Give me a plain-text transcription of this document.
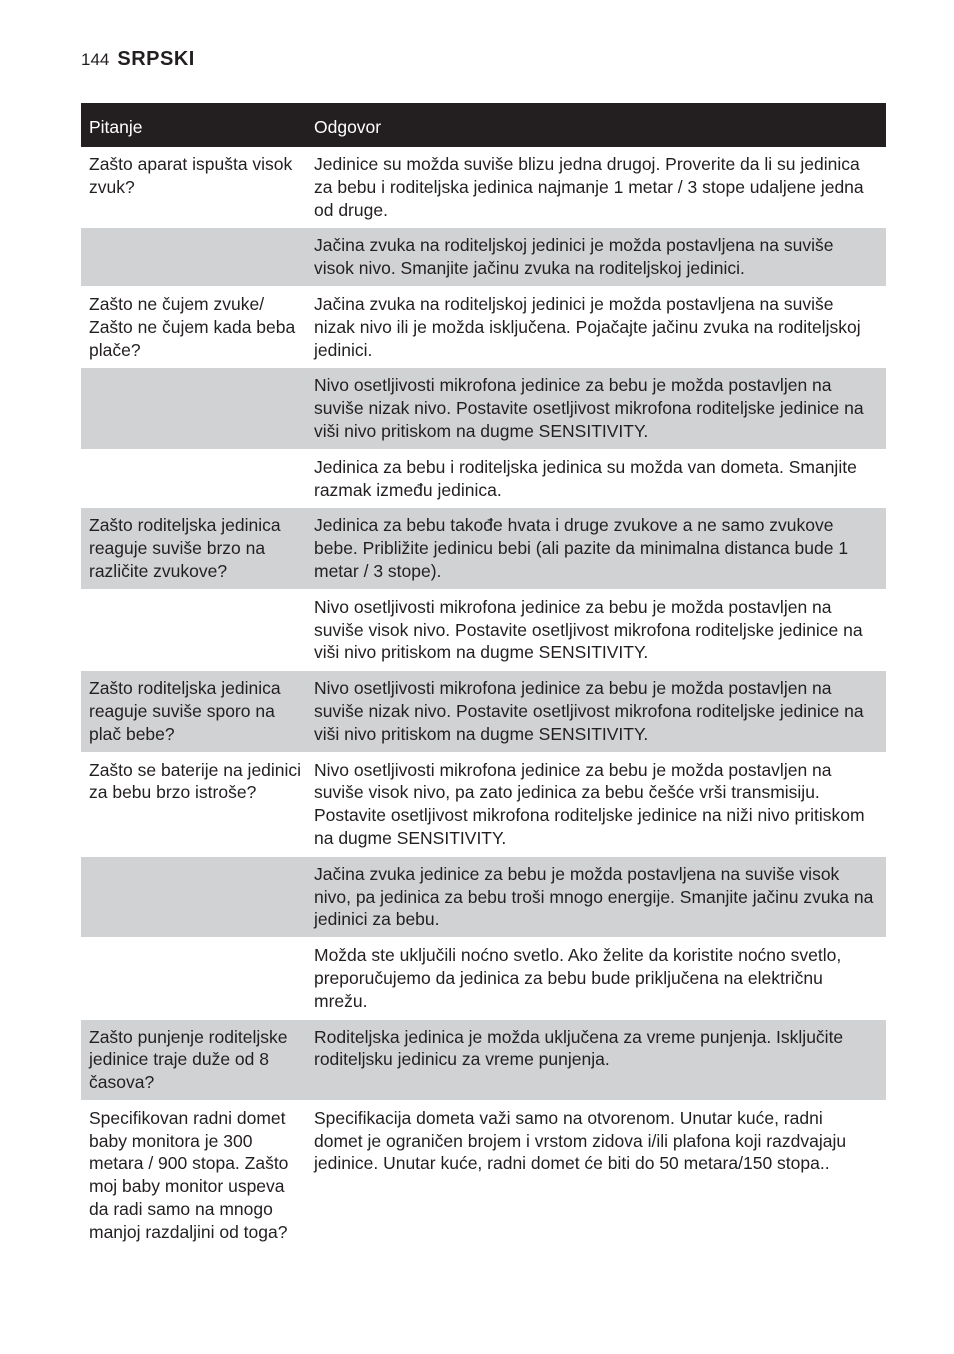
144 SRPSKI
Pitanje	Odgovor
Zašto aparat ispušta visok zvuk?	Jedinice su možda suviše blizu jedna drugoj. Proverite da li su jedinica za bebu i roditeljska jedinica najmanje 1 metar / 3 stope udaljene jedna od druge.
	Jačina zvuka na roditeljskoj jedinici je možda postavljena na suviše visok nivo. Smanjite jačinu zvuka na roditeljskoj jedinici.
Zašto ne čujem zvuke/ Zašto ne čujem kada beba plače?	Jačina zvuka na roditeljskoj jedinici je možda postavljena na suviše nizak nivo ili je možda isključena. Pojačajte jačinu zvuka na roditeljskoj jedinici.
	Nivo osetljivosti mikrofona jedinice za bebu je možda postavljen na suviše nizak nivo. Postavite osetljivost mikrofona roditeljske jedinice na viši nivo pritiskom na dugme SENSITIVITY.
	Jedinica za bebu i roditeljska jedinica su možda van dometa. Smanjite razmak između jedinica.
Zašto roditeljska jedinica reaguje suviše brzo na različite zvukove?	Jedinica za bebu takođe hvata i druge zvukove a ne samo zvukove bebe. Približite jedinicu bebi (ali pazite da minimalna distanca bude 1 metar / 3 stope).
	Nivo osetljivosti mikrofona jedinice za bebu je možda postavljen na suviše visok nivo. Postavite osetljivost mikrofona roditeljske jedinice na viši nivo pritiskom na dugme SENSITIVITY.
Zašto roditeljska jedinica reaguje suviše sporo na plač bebe?	Nivo osetljivosti mikrofona jedinice za bebu je možda postavljen na suviše nizak nivo. Postavite osetljivost mikrofona roditeljske jedinice na viši nivo pritiskom na dugme SENSITIVITY.
Zašto se baterije na jedinici za bebu brzo istroše?	Nivo osetljivosti mikrofona jedinice za bebu je možda postavljen na suviše visok nivo, pa zato jedinica za bebu češće vrši transmisiju. Postavite osetljivost mikrofona roditeljske jedinice na niži nivo pritiskom na dugme SENSITIVITY.
	Jačina zvuka jedinice za bebu je možda postavljena na suviše visok nivo, pa jedinica za bebu troši mnogo energije. Smanjite jačinu zvuka na jedinici za bebu.
	Možda ste uključili noćno svetlo. Ako želite da koristite noćno svetlo, preporučujemo da jedinica za bebu bude priključena na električnu mrežu.
Zašto punjenje roditeljske jedinice traje duže od 8 časova?	Roditeljska jedinica je možda uključena za vreme punjenja. Isključite roditeljsku jedinicu za vreme punjenja.
Specifikovan radni domet baby monitora je 300 metara / 900 stopa. Zašto moj baby monitor uspeva da radi samo na mnogo manjoj razdaljini od toga?	Specifikacija dometa važi samo na otvorenom. Unutar kuće, radni domet je ograničen brojem i vrstom zidova i/ili plafona koji razdvajaju jedinice. Unutar kuće, radni domet će biti do 50 metara/150 stopa..
